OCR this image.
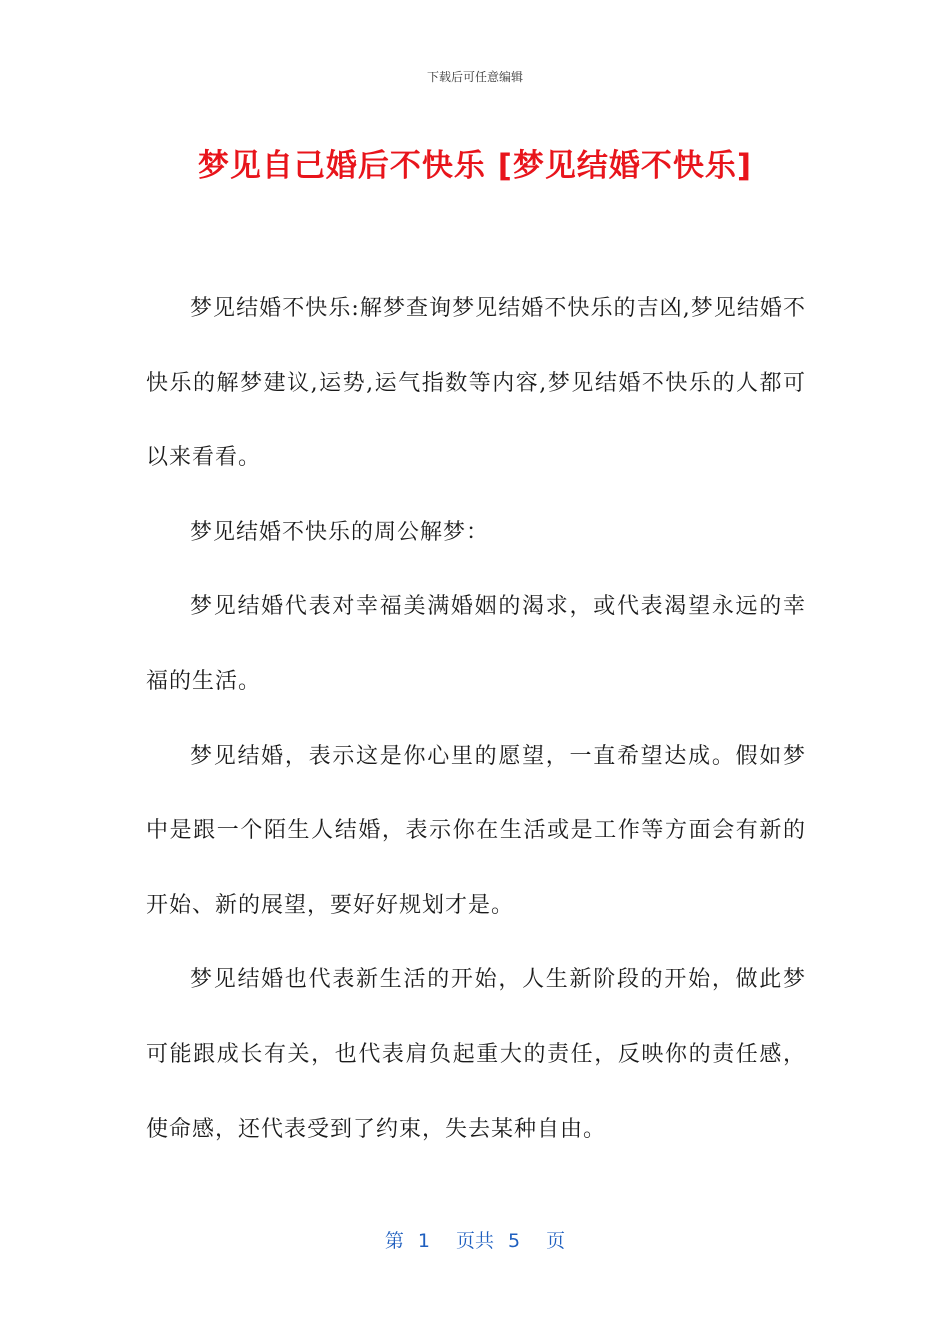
下载后可任意编辑
梦见自己婚后不快乐 [梦见结婚不快乐]

梦见结婚不快乐:解梦查询梦见结婚不快乐的吉凶,梦见结婚不快乐的解梦建议,运势,运气指数等内容,梦见结婚不快乐的人都可以来看看。

梦见结婚不快乐的周公解梦：

梦见结婚代表对幸福美满婚姻的渴求，或代表渴望永远的幸福的生活。

梦见结婚，表示这是你心里的愿望，一直希望达成。假如梦中是跟一个陌生人结婚，表示你在生活或是工作等方面会有新的开始、新的展望，要好好规划才是。

梦见结婚也代表新生活的开始，人生新阶段的开始，做此梦可能跟成长有关，也代表肩负起重大的责任，反映你的责任感，使命感，还代表受到了约束，失去某种自由。

第 1 页共 5 页
